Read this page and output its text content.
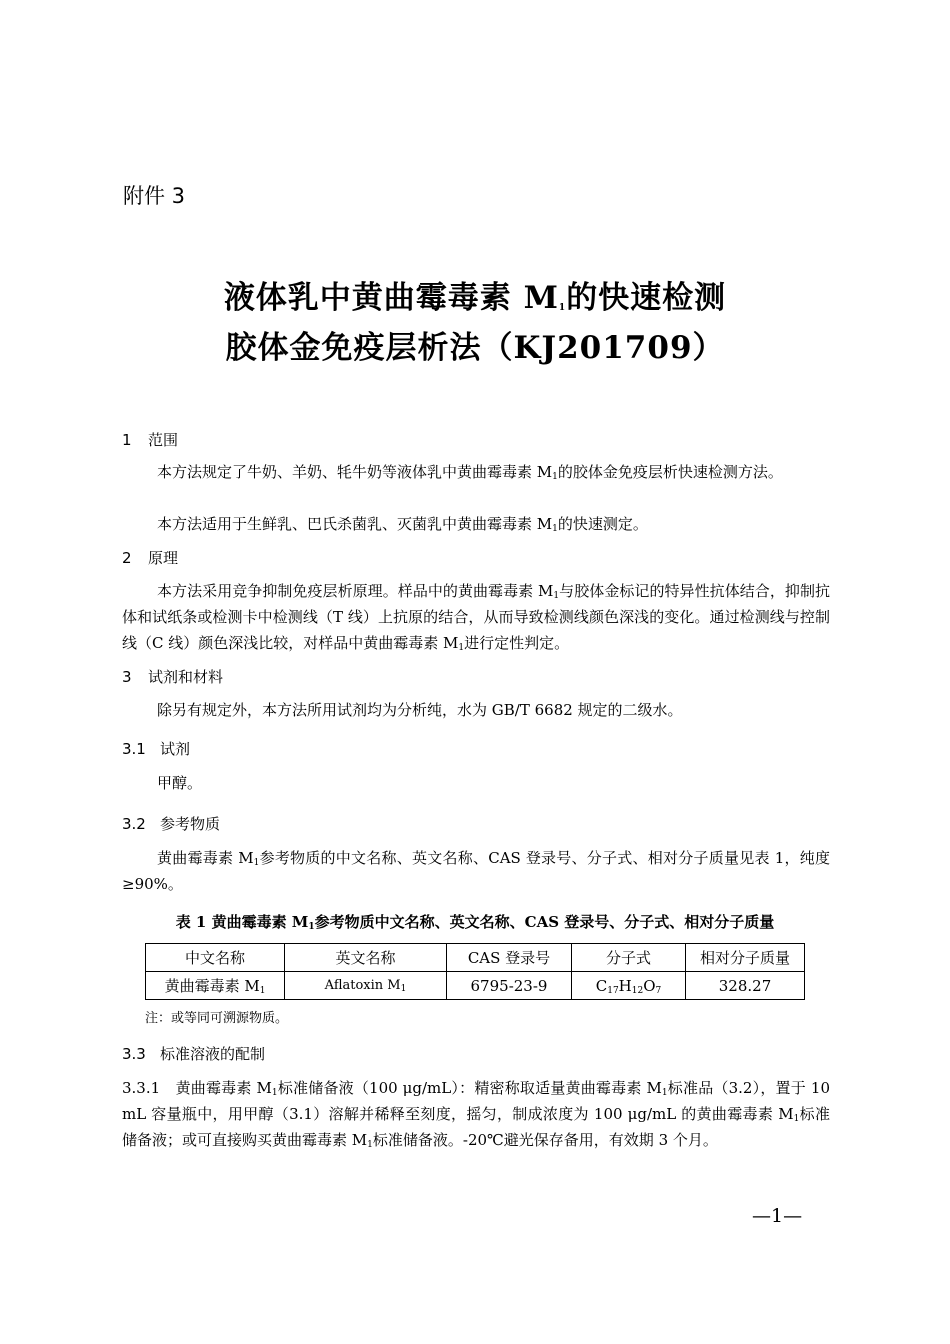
附件 3
液体乳中黄曲霉毒素 $M_1$的快速检测
胶体金免疫层析法（KJ201709）
1 范围
本方法规定了牛奶、羊奶、牦牛奶等液体乳中黄曲霉毒素 $M_1$的胶体金免疫层析快速检测方法。
本方法适用于生鲜乳、巴氏杀菌乳、灭菌乳中黄曲霉毒素 $M_1$的快速测定。
2 原理
本方法采用竞争抑制免疫层析原理。样品中的黄曲霉毒素 $M_1$与胶体金标记的特异性抗体结合，抑制抗体和试纸条或检测卡中检测线（T 线）上抗原的结合，从而导致检测线颜色深浅的变化。通过检测线与控制线（C 线）颜色深浅比较，对样品中黄曲霉毒素 $M_1$进行定性判定。
3 试剂和材料
除另有规定外，本方法所用试剂均为分析纯，水为 GB/T 6682 规定的二级水。
3.1 试剂
甲醇。
3.2 参考物质
黄曲霉毒素 $M_1$参考物质的中文名称、英文名称、CAS 登录号、分子式、相对分子质量见表 1，纯度≥90%。
表 1 黄曲霉毒素 $M_1$参考物质中文名称、英文名称、CAS 登录号、分子式、相对分子质量
中文名称	英文名称	CAS 登录号	分子式	相对分子质量
黄曲霉毒素 $M_1$	Aflatoxin $M_1$	6795-23-9	$C_{17}H_{12}O_7$	328.27
注：或等同可溯源物质。
3.3 标准溶液的配制
3.3.1　黄曲霉毒素 $M_1$标准储备液（100 μg/mL）：精密称取适量黄曲霉毒素 $M_1$标准品（3.2），置于 10 mL 容量瓶中，用甲醇（3.1）溶解并稀释至刻度，摇匀，制成浓度为 100 μg/mL 的黄曲霉毒素 $M_1$标准储备液；或可直接购买黄曲霉毒素 $M_1$标准储备液。-20℃避光保存备用，有效期 3 个月。
—1—
